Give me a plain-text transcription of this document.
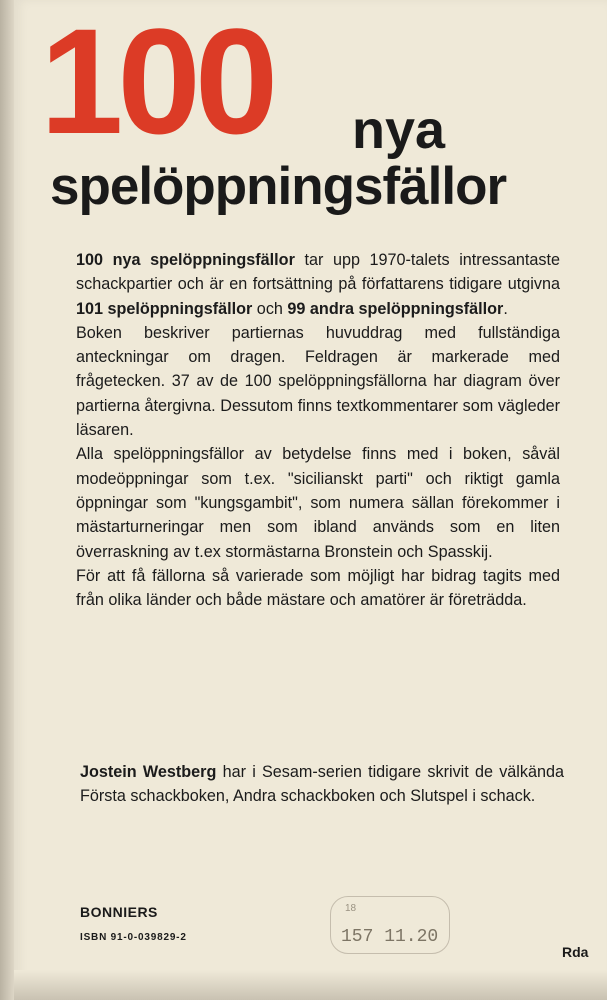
100 nya
spelöppningsfällor

100 nya spelöppningsfällor tar upp 1970-talets intressantaste schackpartier och är en fortsättning på författarens tidigare utgivna 101 spelöppningsfällor och 99 andra spelöppningsfällor.

Boken beskriver partiernas huvuddrag med fullständiga anteckningar om dragen. Feldragen är markerade med frågetecken. 37 av de 100 spelöppningsfällorna har diagram över partierna återgivna. Dessutom finns textkommentarer som vägleder läsaren.

Alla spelöppningsfällor av betydelse finns med i boken, såväl modeöppningar som t.ex. "sicilianskt parti" och riktigt gamla öppningar som "kungsgambit", som numera sällan förekommer i mästarturneringar men som ibland används som en liten överraskning av t.ex stormästarna Bronstein och Spasskij.

För att få fällorna så varierade som möjligt har bidrag tagits med från olika länder och både mästare och amatörer är företrädda.

Jostein Westberg har i Sesam-serien tidigare skrivit de välkända Första schackboken, Andra schackboken och Slutspel i schack.

BONNIERS
ISBN 91-0-039829-2
18
157 11.20
Rda
